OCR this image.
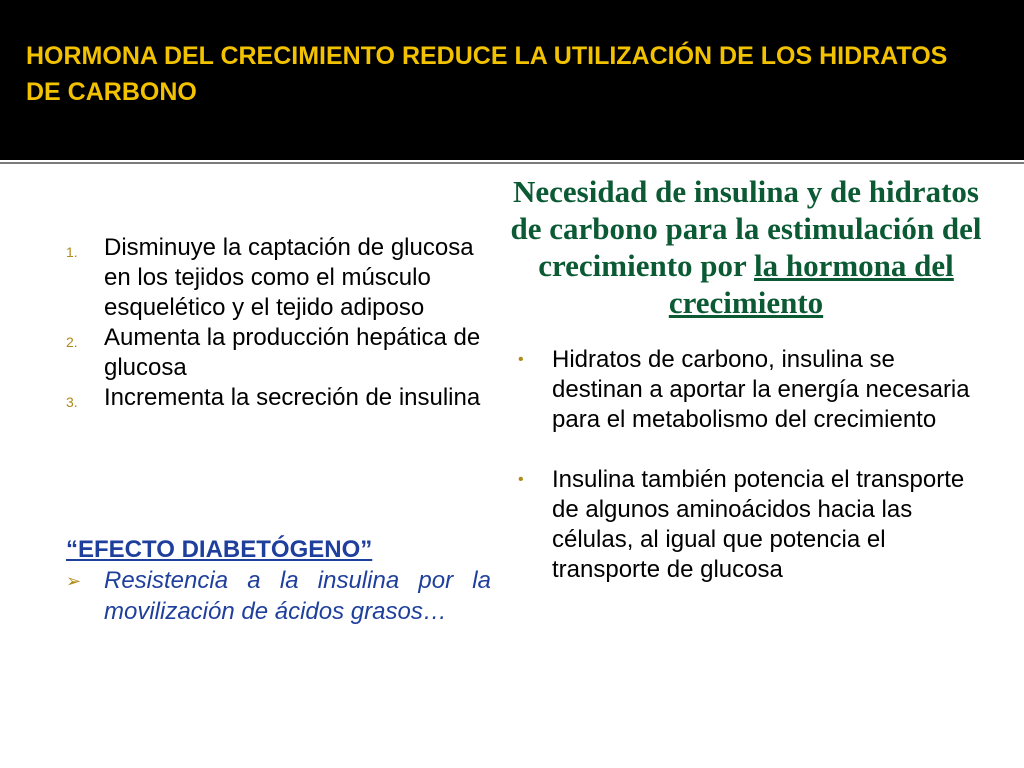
HORMONA DEL CRECIMIENTO REDUCE LA UTILIZACIÓN DE LOS HIDRATOS DE CARBONO
1. Disminuye la captación de glucosa en los tejidos como el músculo esquelético y el tejido adiposo
2. Aumenta la producción hepática de glucosa
3. Incrementa la secreción de insulina
“EFECTO DIABETÓGENO”
➢ Resistencia a la insulina por la movilización de ácidos grasos…
Necesidad de insulina y de hidratos de carbono para la estimulación del crecimiento por la hormona del crecimiento
• Hidratos de carbono, insulina se destinan a aportar la energía necesaria para el metabolismo del crecimiento
• Insulina también potencia el transporte de algunos aminoácidos hacia las células, al igual que potencia el transporte de glucosa
